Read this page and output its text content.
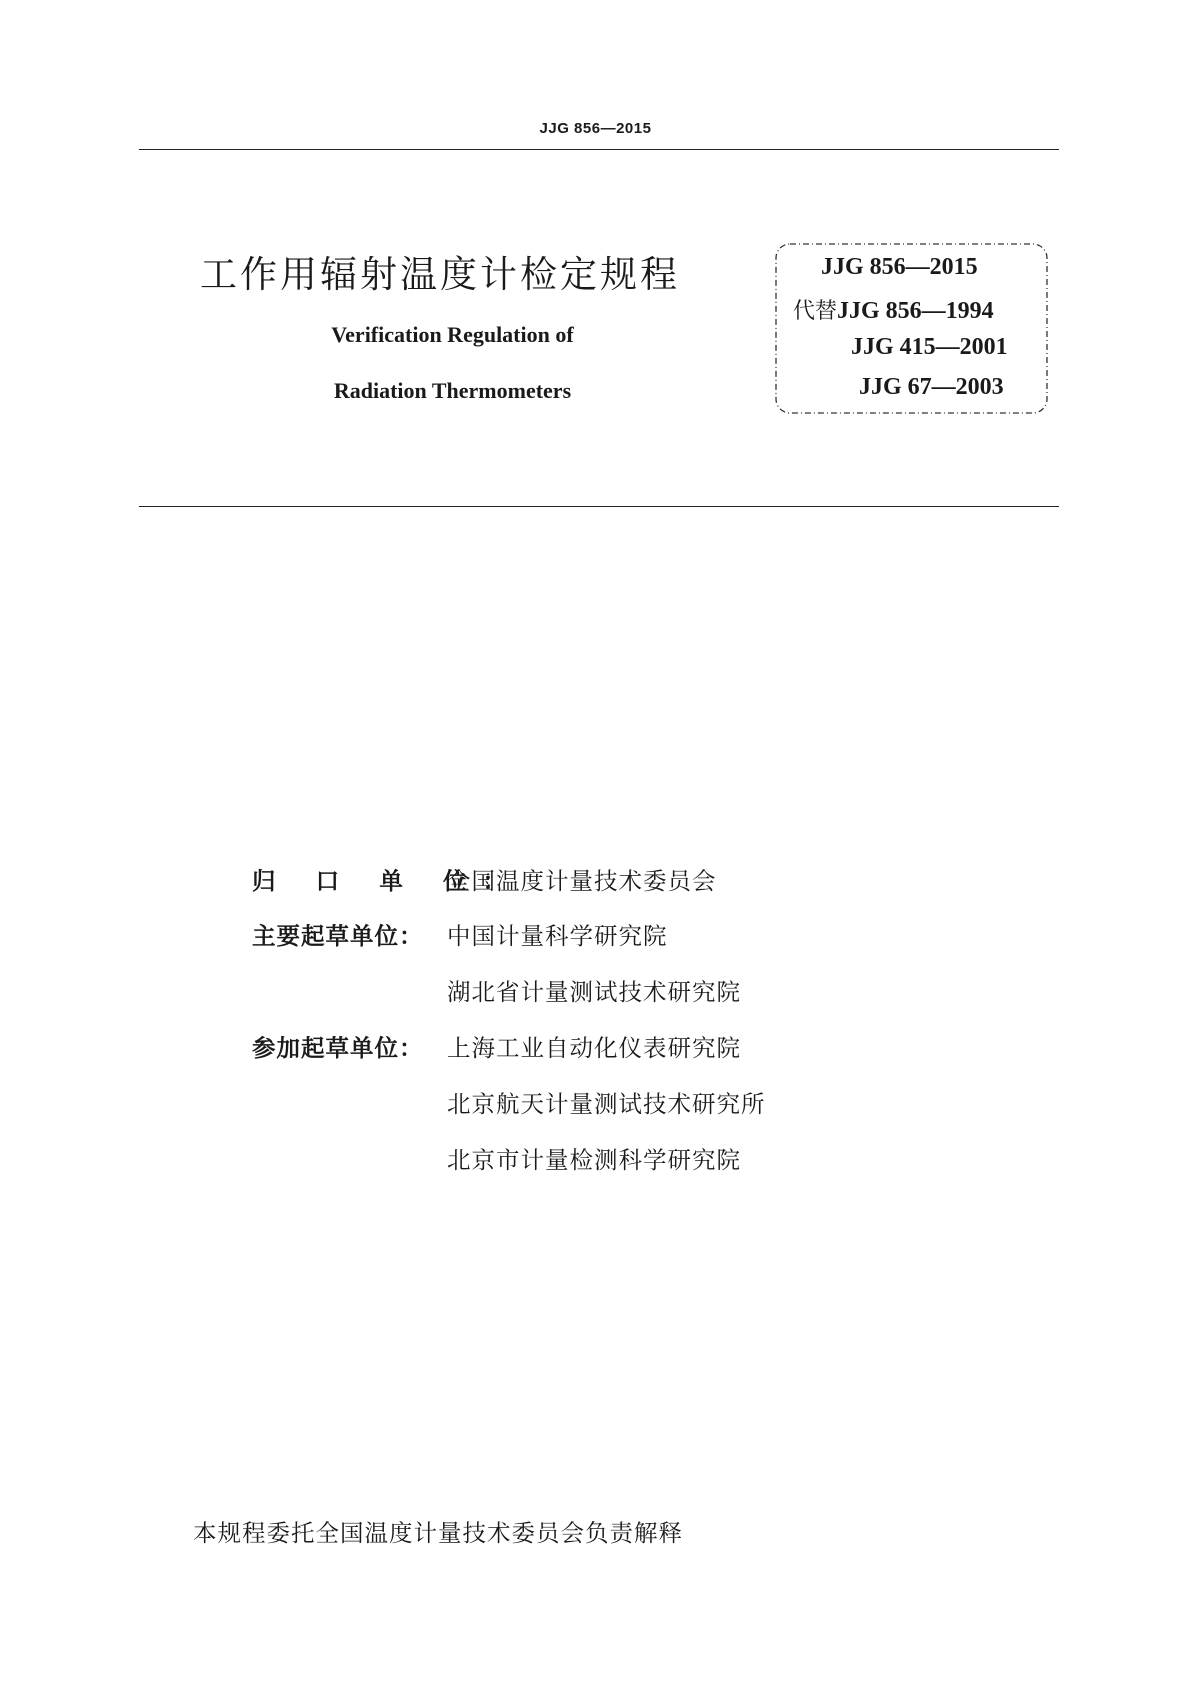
JJG 856—2015
工作用辐射温度计检定规程
Verification Regulation of
Radiation Thermometers
JJG 856—2015
代替JJG 856—1994
JJG 415—2001
JJG 67—2003
归 口 单 位：
全国温度计量技术委员会
主要起草单位： 中国计量科学研究院
湖北省计量测试技术研究院
参加起草单位： 上海工业自动化仪表研究院
北京航天计量测试技术研究所
北京市计量检测科学研究院
本规程委托全国温度计量技术委员会负责解释
